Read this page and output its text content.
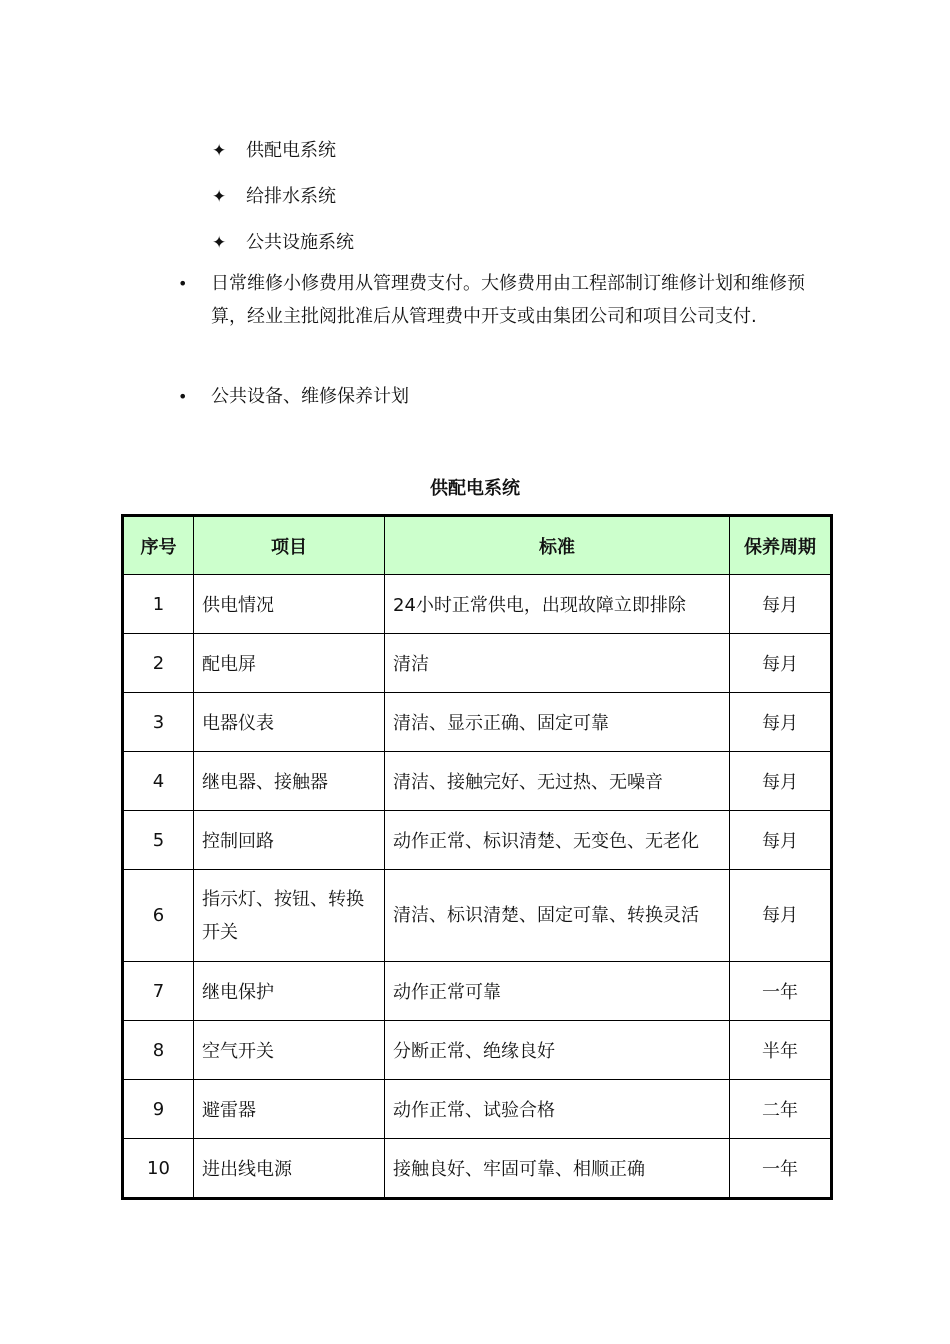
✦	供配电系统
✦	给排水系统
✦	公共设施系统
•	日常维修小修费用从管理费支付。大修费用由工程部制订维修计划和维修预算，经业主批阅批准后从管理费中开支或由集团公司和项目公司支付.
•	公共设备、维修保养计划
供配电系统
序号	项目	标准	保养周期
1	供电情况	24小时正常供电，出现故障立即排除	每月
2	配电屏	清洁	每月
3	电器仪表	清洁、显示正确、固定可靠	每月
4	继电器、接触器	清洁、接触完好、无过热、无噪音	每月
5	控制回路	动作正常、标识清楚、无变色、无老化	每月
6	指示灯、按钮、转换开关	清洁、标识清楚、固定可靠、转换灵活	每月
7	继电保护	动作正常可靠	一年
8	空气开关	分断正常、绝缘良好	半年
9	避雷器	动作正常、试验合格	二年
10	进出线电源	接触良好、牢固可靠、相顺正确	一年
